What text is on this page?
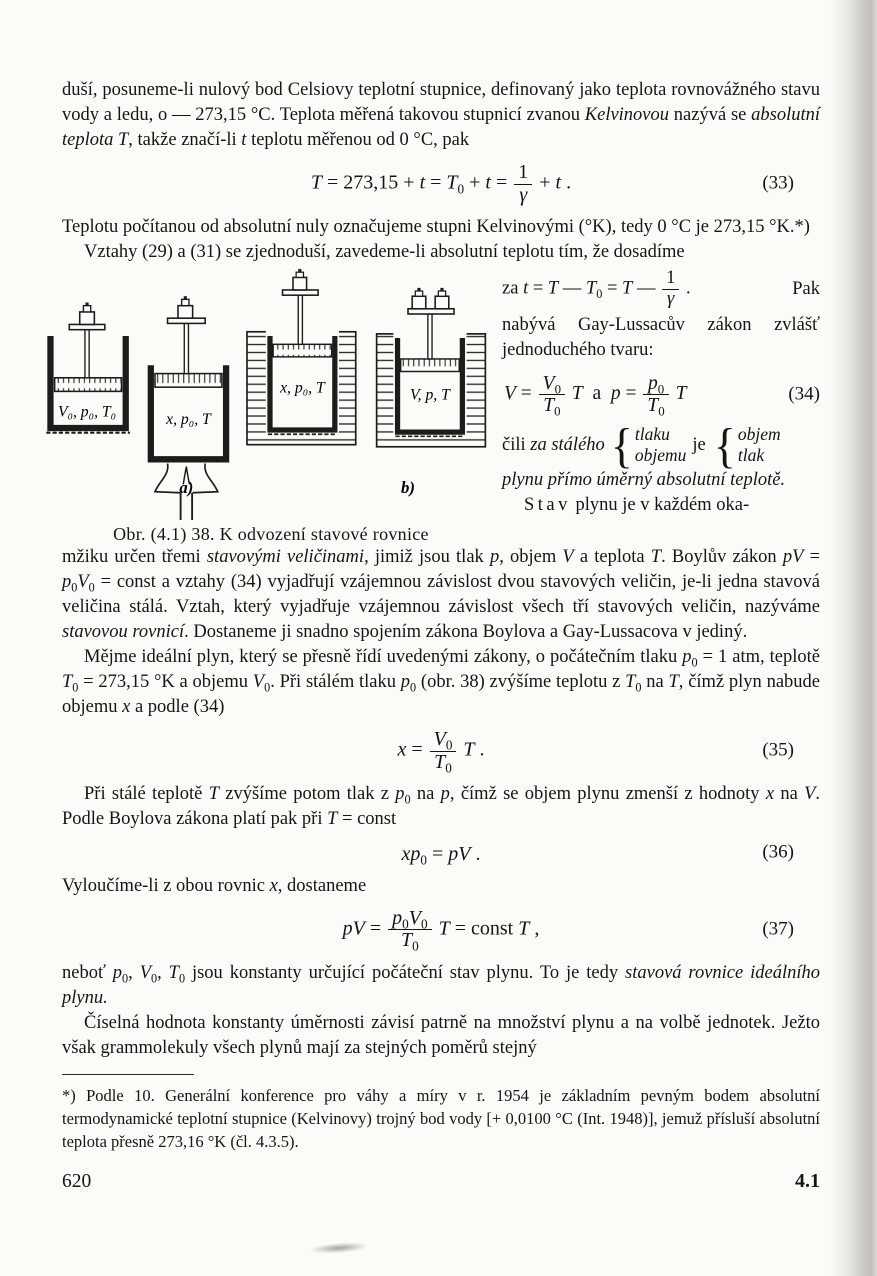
duší, posuneme-li nulový bod Celsiovy teplotní stupnice, definovaný jako teplota rovnovážného stavu vody a ledu, o — 273,15 °C. Teplota měřená takovou stupnicí zvanou Kelvinovou nazývá se absolutní teplota T, takže značí-li t teplotu měřenou od 0 °C, pak

$T = 273,15 + t = T_0 + t = \frac{1}{\gamma} + t$ .	(33)

Teplotu počítanou od absolutní nuly označujeme stupni Kelvinovými (°K), tedy 0 °C je 273,15 °K.*)

Vztahy (29) a (31) se zjednoduší, zavedeme-li absolutní teplotu tím, že dosadíme

V₀, p₀, T₀	x, p₀, T
x, p₀, T	V, p, T
a)	b)
Obr. (4.1) 38. K odvození stavové rovnice
za t = T — $T_0 = T$ — $\frac{1}{\gamma}$ .	Pak

nabývá Gay-Lussacův zákon zvlášť jednoduchého tvaru:

$V = \frac{V_0}{T_0}$ T  a  $p = \frac{p_0}{T_0}$ T	(34)
čili za stálého { tlaku
objemu
je { objem
tlak

plynu přímo úměrný absolutní teplotě.

Stav plynu je v každém oka-

mžiku určen třemi stavovými veličinami, jimiž jsou tlak p, objem V a teplota T. Boylův zákon pV = $p_0V_0$ = const a vztahy (34) vyjadřují vzájemnou závislost dvou stavových veličin, je-li jedna stavová veličina stálá. Vztah, který vyjadřuje vzájemnou závislost všech tří stavových veličin, nazýváme stavovou rovnicí. Dostaneme ji snadno spojením zákona Boylova a Gay-Lussacova v jediný.

Mějme ideální plyn, který se přesně řídí uvedenými zákony, o počátečním tlaku $p_0 = 1$ atm, teplotě $T_0 = 273,15$ °K a objemu $V_0$. Při stálém tlaku $p_0$ (obr. 38) zvýšíme teplotu z $T_0$ na T, čímž plyn nabude objemu x a podle (34)

$x = \frac{V_0}{T_0}$ T .	(35)

Při stálé teplotě T zvýšíme potom tlak z $p_0$ na p, čímž se objem plynu zmenší z hodnoty x na V. Podle Boylova zákona platí pak při T = const

$xp_0$ = pV .	(36)

Vyloučíme-li z obou rovnic x, dostaneme

pV = $\frac{p_0V_0}{T_0}$ T = const T ,	(37)

neboť $p_0$, $V_0$, $T_0$ jsou konstanty určující počáteční stav plynu. To je tedy stavová rovnice ideálního plynu.

Číselná hodnota konstanty úměrnosti závisí patrně na množství plynu a na volbě jednotek. Ježto však grammolekuly všech plynů mají za stejných poměrů stejný

*) Podle 10. Generální konference pro váhy a míry v r. 1954 je základním pevným bodem absolutní termodynamické teplotní stupnice (Kelvinovy) trojný bod vody [+ 0,0100 °C (Int. 1948)], jemuž přísluší absolutní teplota přesně 273,16 °K (čl. 4.3.5).

620	4.1
